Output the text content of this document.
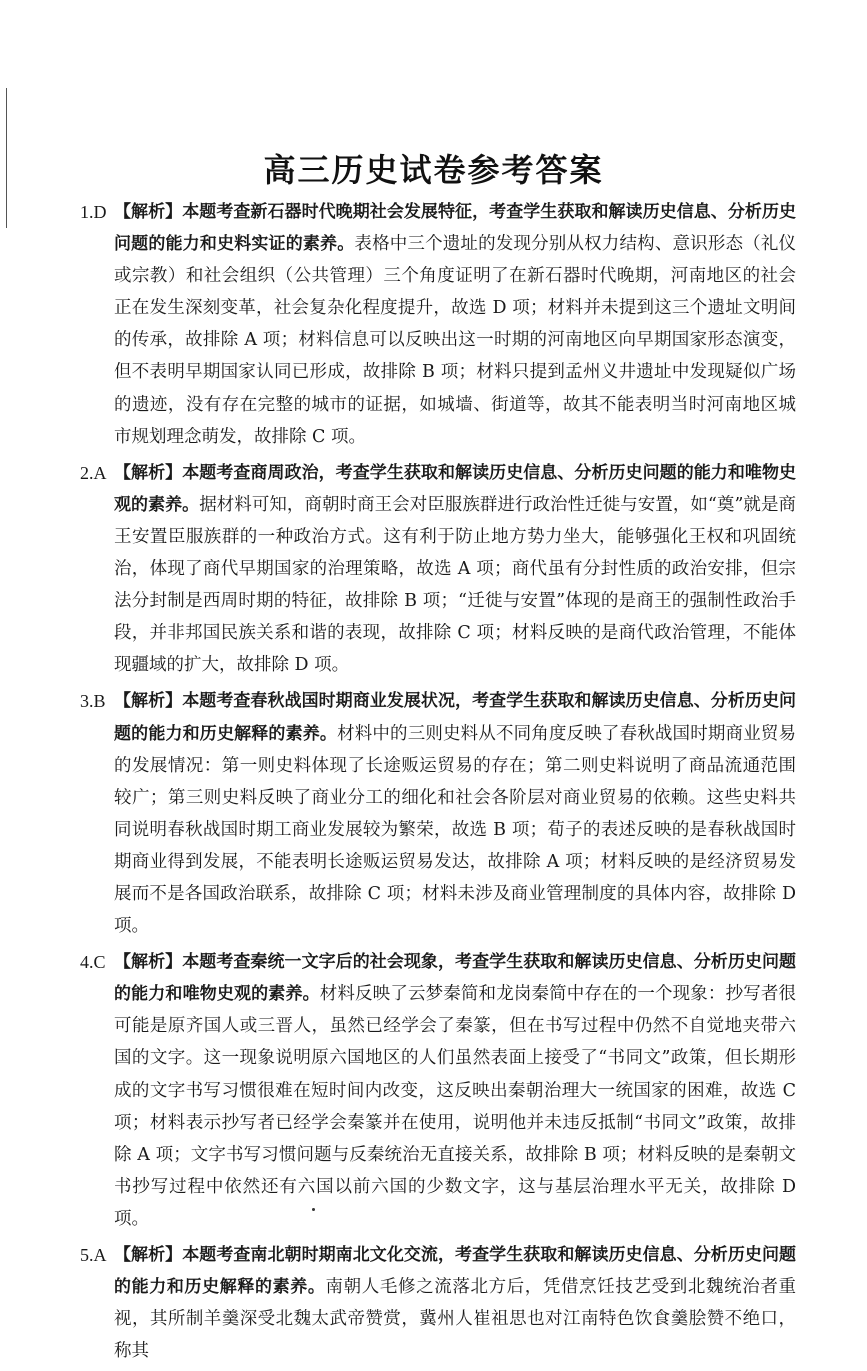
高三历史试卷参考答案
1.D 【解析】本题考查新石器时代晚期社会发展特征，考查学生获取和解读历史信息、分析历史问题的能力和史料实证的素养。表格中三个遗址的发现分别从权力结构、意识形态（礼仪或宗教）和社会组织（公共管理）三个角度证明了在新石器时代晚期，河南地区的社会正在发生深刻变革，社会复杂化程度提升，故选 D 项；材料并未提到这三个遗址文明间的传承，故排除 A 项；材料信息可以反映出这一时期的河南地区向早期国家形态演变，但不表明早期国家认同已形成，故排除 B 项；材料只提到孟州义井遗址中发现疑似广场的遗迹，没有存在完整的城市的证据，如城墙、街道等，故其不能表明当时河南地区城市规划理念萌发，故排除 C 项。
2.A 【解析】本题考查商周政治，考查学生获取和解读历史信息、分析历史问题的能力和唯物史观的素养。据材料可知，商朝时商王会对臣服族群进行政治性迁徙与安置，如“奠”就是商王安置臣服族群的一种政治方式。这有利于防止地方势力坐大，能够强化王权和巩固统治，体现了商代早期国家的治理策略，故选 A 项；商代虽有分封性质的政治安排，但宗法分封制是西周时期的特征，故排除 B 项；“迁徙与安置”体现的是商王的强制性政治手段，并非邦国民族关系和谐的表现，故排除 C 项；材料反映的是商代政治管理，不能体现疆域的扩大，故排除 D 项。
3.B 【解析】本题考查春秋战国时期商业发展状况，考查学生获取和解读历史信息、分析历史问题的能力和历史解释的素养。材料中的三则史料从不同角度反映了春秋战国时期商业贸易的发展情况：第一则史料体现了长途贩运贸易的存在；第二则史料说明了商品流通范围较广；第三则史料反映了商业分工的细化和社会各阶层对商业贸易的依赖。这些史料共同说明春秋战国时期工商业发展较为繁荣，故选 B 项；荀子的表述反映的是春秋战国时期商业得到发展，不能表明长途贩运贸易发达，故排除 A 项；材料反映的是经济贸易发展而不是各国政治联系，故排除 C 项；材料未涉及商业管理制度的具体内容，故排除 D 项。
4.C 【解析】本题考查秦统一文字后的社会现象，考查学生获取和解读历史信息、分析历史问题的能力和唯物史观的素养。材料反映了云梦秦简和龙岗秦简中存在的一个现象：抄写者很可能是原齐国人或三晋人，虽然已经学会了秦篆，但在书写过程中仍然不自觉地夹带六国的文字。这一现象说明原六国地区的人们虽然表面上接受了“书同文”政策，但长期形成的文字书写习惯很难在短时间内改变，这反映出秦朝治理大一统国家的困难，故选 C 项；材料表示抄写者已经学会秦篆并在使用，说明他并未违反抵制“书同文”政策，故排除 A 项；文字书写习惯问题与反秦统治无直接关系，故排除 B 项；材料反映的是秦朝文书抄写过程中依然还有六国以前六国的少数文字，这与基层治理水平无关，故排除 D 项。
5.A 【解析】本题考查南北朝时期南北文化交流，考查学生获取和解读历史信息、分析历史问题的能力和历史解释的素养。南朝人毛修之流落北方后，凭借烹饪技艺受到北魏统治者重视，其所制羊羹深受北魏太武帝赞赏，冀州人崔祖思也对江南特色饮食羹脍赞不绝口，称其
